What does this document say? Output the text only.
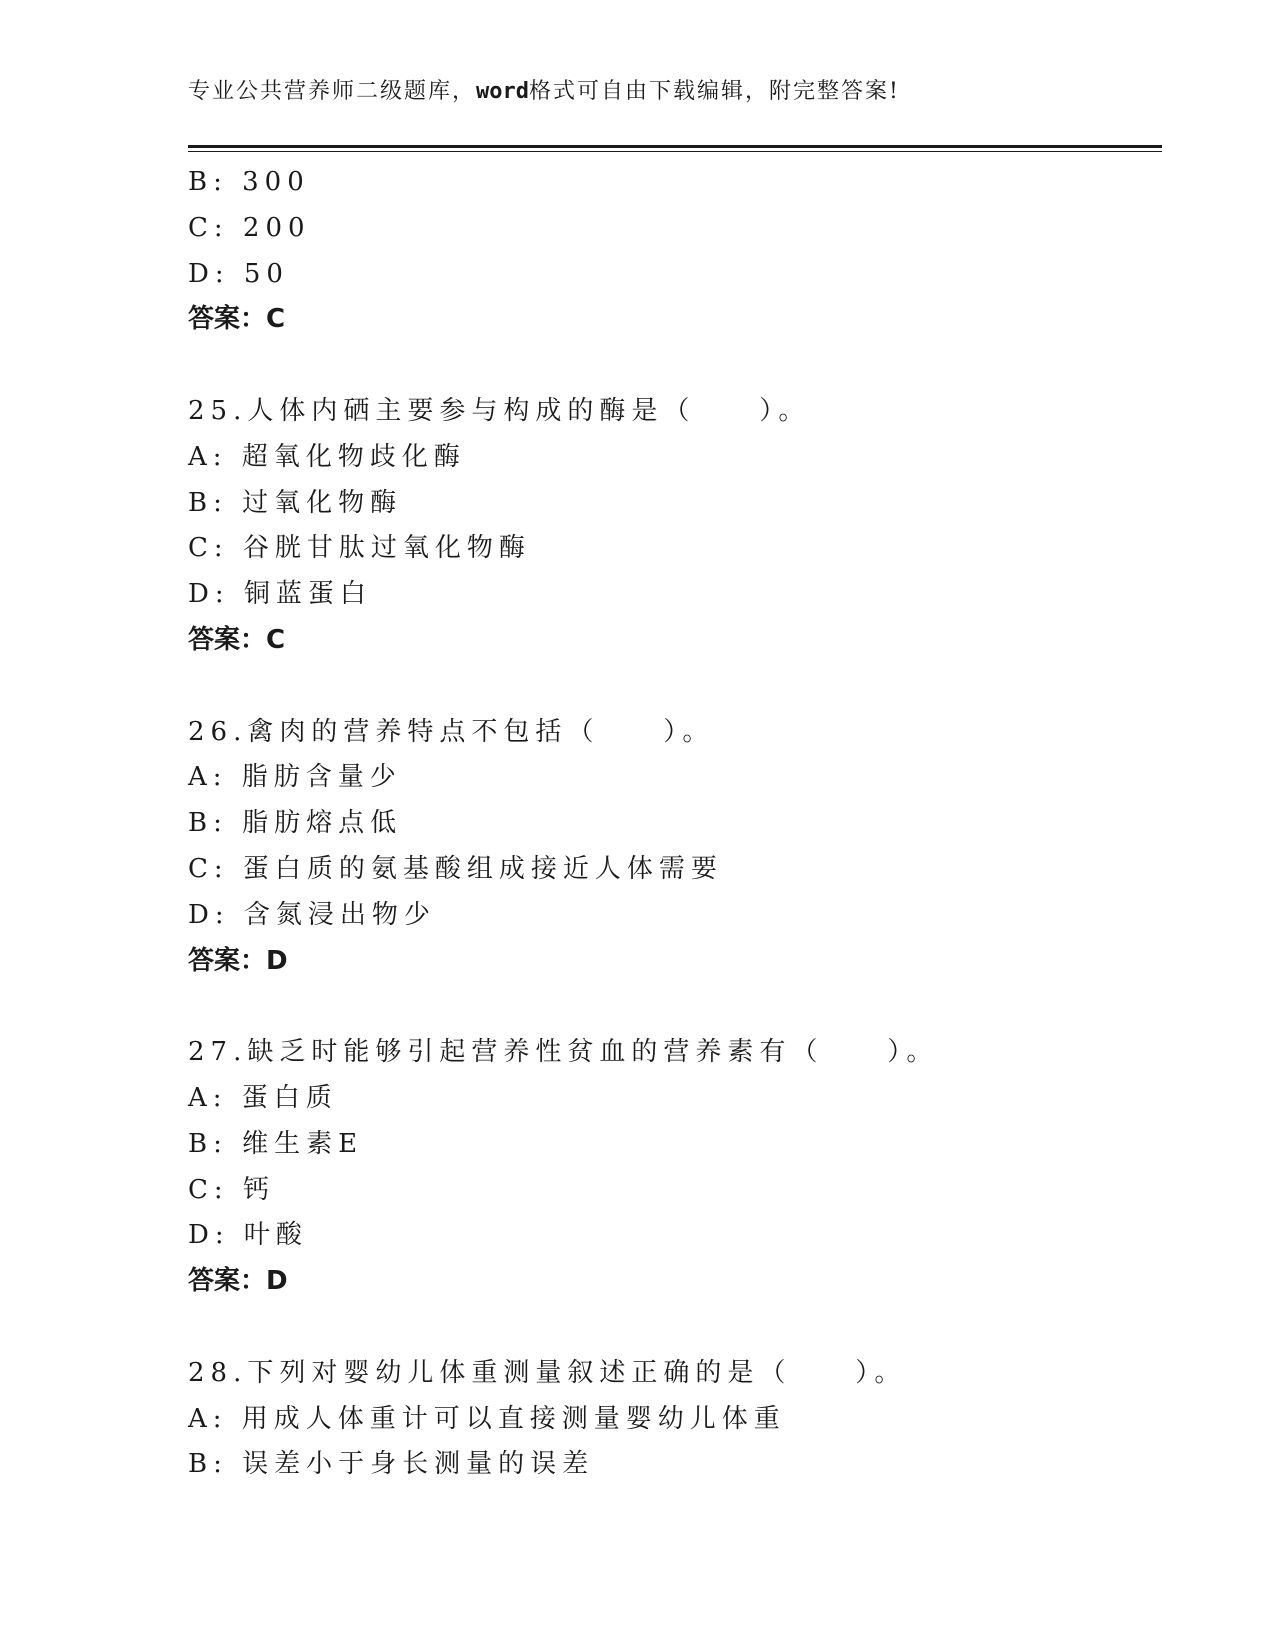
专业公共营养师二级题库，word格式可自由下载编辑，附完整答案!
B: 300
C: 200
D: 50
答案：C
25.人体内硒主要参与构成的酶是（　　）。
A: 超氧化物歧化酶
B: 过氧化物酶
C: 谷胱甘肽过氧化物酶
D: 铜蓝蛋白
答案：C
26.禽肉的营养特点不包括（　　）。
A: 脂肪含量少
B: 脂肪熔点低
C: 蛋白质的氨基酸组成接近人体需要
D: 含氮浸出物少
答案：D
27.缺乏时能够引起营养性贫血的营养素有（　　）。
A: 蛋白质
B: 维生素E
C: 钙
D: 叶酸
答案：D
28.下列对婴幼儿体重测量叙述正确的是（　　）。
A: 用成人体重计可以直接测量婴幼儿体重
B: 误差小于身长测量的误差
